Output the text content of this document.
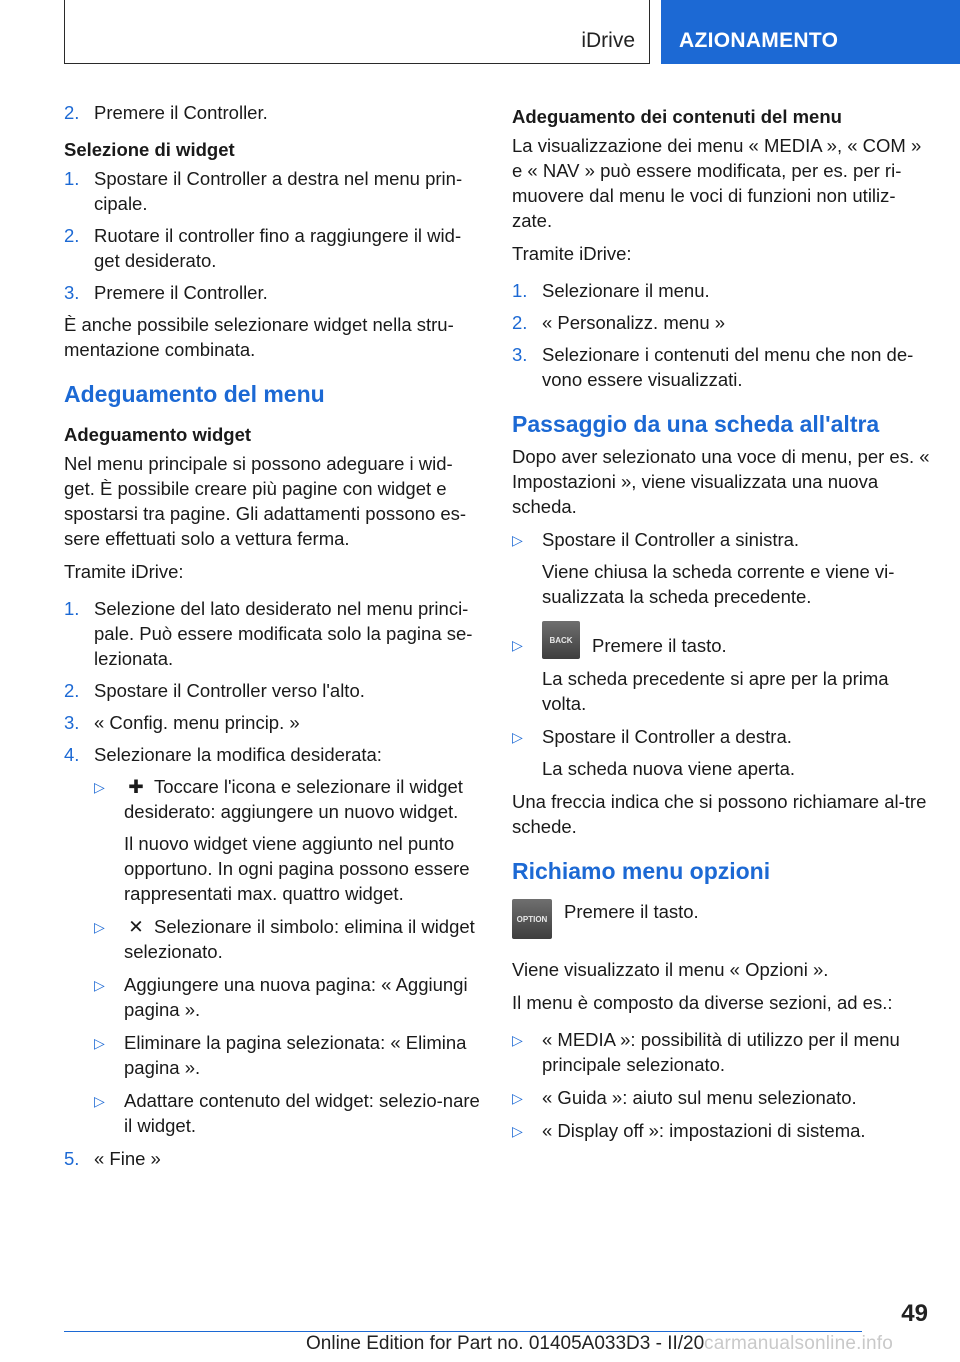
iDrive	AZIONAMENTO
2. Premere il Controller.
Selezione di widget
1. Spostare il Controller a destra nel menu prin-cipale.
2. Ruotare il controller fino a raggiungere il wid-get desiderato.
3. Premere il Controller.

È anche possibile selezionare widget nella stru-mentazione combinata.

Adeguamento del menu
Adeguamento widget

Nel menu principale si possono adeguare i wid-get. È possibile creare più pagine con widget e spostarsi tra pagine. Gli adattamenti possono es-sere effettuati solo a vettura ferma.

Tramite iDrive:

1. Selezione del lato desiderato nel menu princi-pale. Può essere modificata solo la pagina se-lezionata.
2. Spostare il Controller verso l'alto.
3. « Config. menu princip. »
4. Selezionare la modifica desiderata:
▷ ✚ Toccare l'icona e selezionare il widget desiderato: aggiungere un nuovo widget.
Il nuovo widget viene aggiunto nel punto opportuno. In ogni pagina possono essere rappresentati max. quattro widget.
▷ ✕ Selezionare il simbolo: elimina il widget selezionato.
▷ Aggiungere una nuova pagina: « Aggiungi pagina ».
▷ Eliminare la pagina selezionata: « Elimina pagina ».
▷ Adattare contenuto del widget: selezio-nare il widget.
5. « Fine »
Adeguamento dei contenuti del menu

La visualizzazione dei menu « MEDIA », « COM » e « NAV » può essere modificata, per es. per ri-muovere dal menu le voci di funzioni non utiliz-zate.

Tramite iDrive:

1. Selezionare il menu.
2. « Personalizz. menu »
3. Selezionare i contenuti del menu che non de-vono essere visualizzati.
Passaggio da una scheda all'altra

Dopo aver selezionato una voce di menu, per es. « Impostazioni », viene visualizzata una nuova scheda.

▷ Spostare il Controller a sinistra.
Viene chiusa la scheda corrente e viene vi-sualizzata la scheda precedente.
▷	BACK	Premere il tasto.
La scheda precedente si apre per la prima volta.
▷ Spostare il Controller a destra.
La scheda nuova viene aperta.

Una freccia indica che si possono richiamare al-tre schede.

Richiamo menu opzioni
OPTION Premere il tasto.

Viene visualizzato il menu « Opzioni ».

Il menu è composto da diverse sezioni, ad es.:

▷ « MEDIA »: possibilità di utilizzo per il menu principale selezionato.
▷ « Guida »: aiuto sul menu selezionato.
▷ « Display off »: impostazioni di sistema.
49
Online Edition for Part no. 01405A033D3 - II/20 carmanualsonline.info
